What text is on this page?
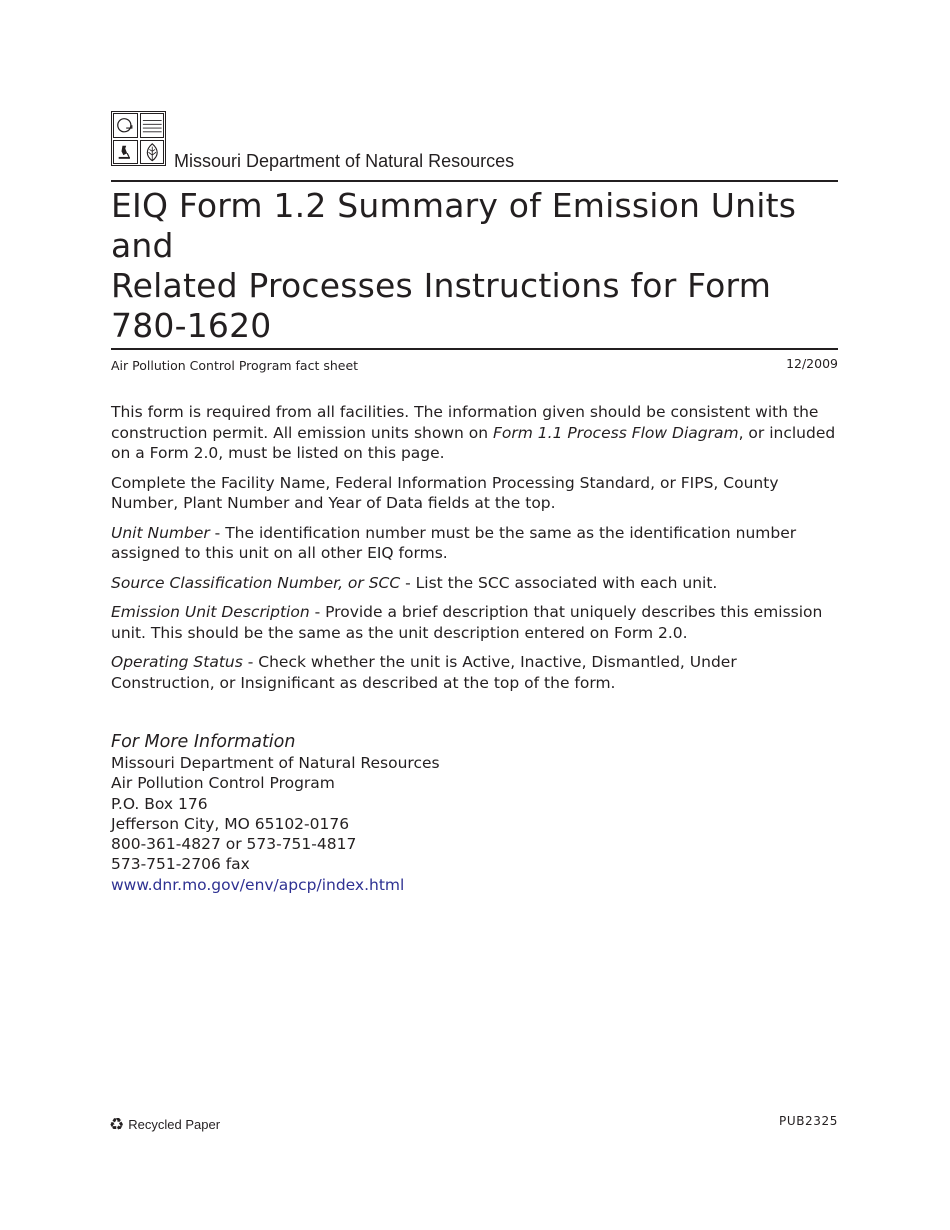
Missouri Department of Natural Resources
EIQ Form 1.2 Summary of Emission Units and
Related Processes Instructions for Form 780-1620
Air Pollution Control Program fact sheet	12/2009

This form is required from all facilities. The information given should be consistent with the construction permit. All emission units shown on Form 1.1 Process Flow Diagram, or included on a Form 2.0, must be listed on this page.

Complete the Facility Name, Federal Information Processing Standard, or FIPS, County Number, Plant Number and Year of Data fields at the top.

Unit Number - The identification number must be the same as the identification number assigned to this unit on all other EIQ forms.

Source Classification Number, or SCC - List the SCC associated with each unit.

Emission Unit Description - Provide a brief description that uniquely describes this emission unit. This should be the same as the unit description entered on Form 2.0.

Operating Status - Check whether the unit is Active, Inactive, Dismantled, Under Construction, or Insignificant as described at the top of the form.

For More Information
Missouri Department of Natural Resources
Air Pollution Control Program
P.O. Box 176
Jefferson City, MO 65102-0176
800-361-4827 or 573-751-4817
573-751-2706 fax
www.dnr.mo.gov/env/apcp/index.html
♻ Recycled Paper	PUB2325
